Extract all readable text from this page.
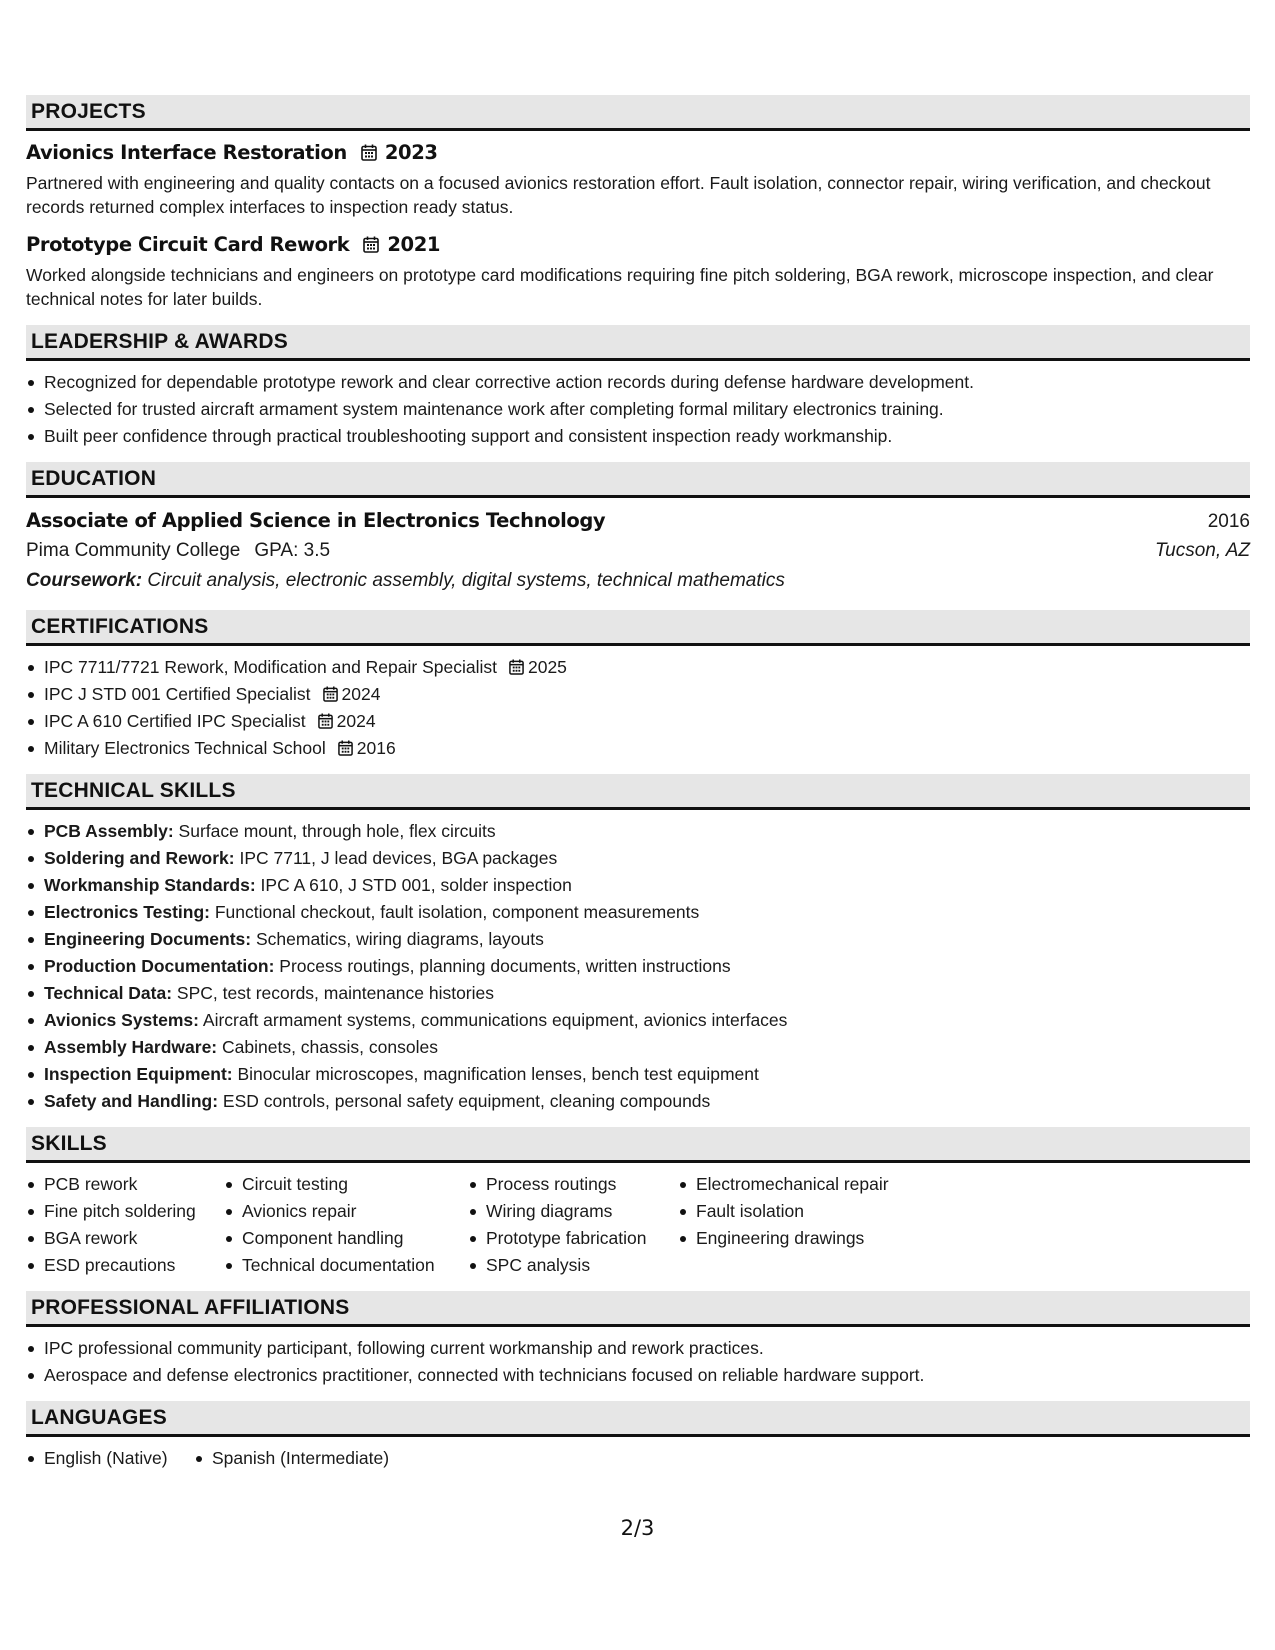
PROJECTS
Avionics Interface Restoration 2023
Partnered with engineering and quality contacts on a focused avionics restoration effort. Fault isolation, connector repair, wiring verification, and checkout records returned complex interfaces to inspection ready status.
Prototype Circuit Card Rework 2021
Worked alongside technicians and engineers on prototype card modifications requiring fine pitch soldering, BGA rework, microscope inspection, and clear technical notes for later builds.
LEADERSHIP & AWARDS
Recognized for dependable prototype rework and clear corrective action records during defense hardware development.
Selected for trusted aircraft armament system maintenance work after completing formal military electronics training.
Built peer confidence through practical troubleshooting support and consistent inspection ready workmanship.
EDUCATION
Associate of Applied Science in Electronics Technology	2016
Pima Community College GPA: 3.5	Tucson, AZ
Coursework: Circuit analysis, electronic assembly, digital systems, technical mathematics
CERTIFICATIONS
IPC 7711/7721 Rework, Modification and Repair Specialist 2025
IPC J STD 001 Certified Specialist 2024
IPC A 610 Certified IPC Specialist 2024
Military Electronics Technical School 2016
TECHNICAL SKILLS
PCB Assembly: Surface mount, through hole, flex circuits
Soldering and Rework: IPC 7711, J lead devices, BGA packages
Workmanship Standards: IPC A 610, J STD 001, solder inspection
Electronics Testing: Functional checkout, fault isolation, component measurements
Engineering Documents: Schematics, wiring diagrams, layouts
Production Documentation: Process routings, planning documents, written instructions
Technical Data: SPC, test records, maintenance histories
Avionics Systems: Aircraft armament systems, communications equipment, avionics interfaces
Assembly Hardware: Cabinets, chassis, consoles
Inspection Equipment: Binocular microscopes, magnification lenses, bench test equipment
Safety and Handling: ESD controls, personal safety equipment, cleaning compounds
SKILLS
PCB rework
Fine pitch soldering
BGA rework
ESD precautions
Circuit testing
Avionics repair
Component handling
Technical documentation
Process routings
Wiring diagrams
Prototype fabrication
SPC analysis
Electromechanical repair
Fault isolation
Engineering drawings
PROFESSIONAL AFFILIATIONS
IPC professional community participant, following current workmanship and rework practices.
Aerospace and defense electronics practitioner, connected with technicians focused on reliable hardware support.
LANGUAGES
English (Native)	Spanish (Intermediate)
2/3
